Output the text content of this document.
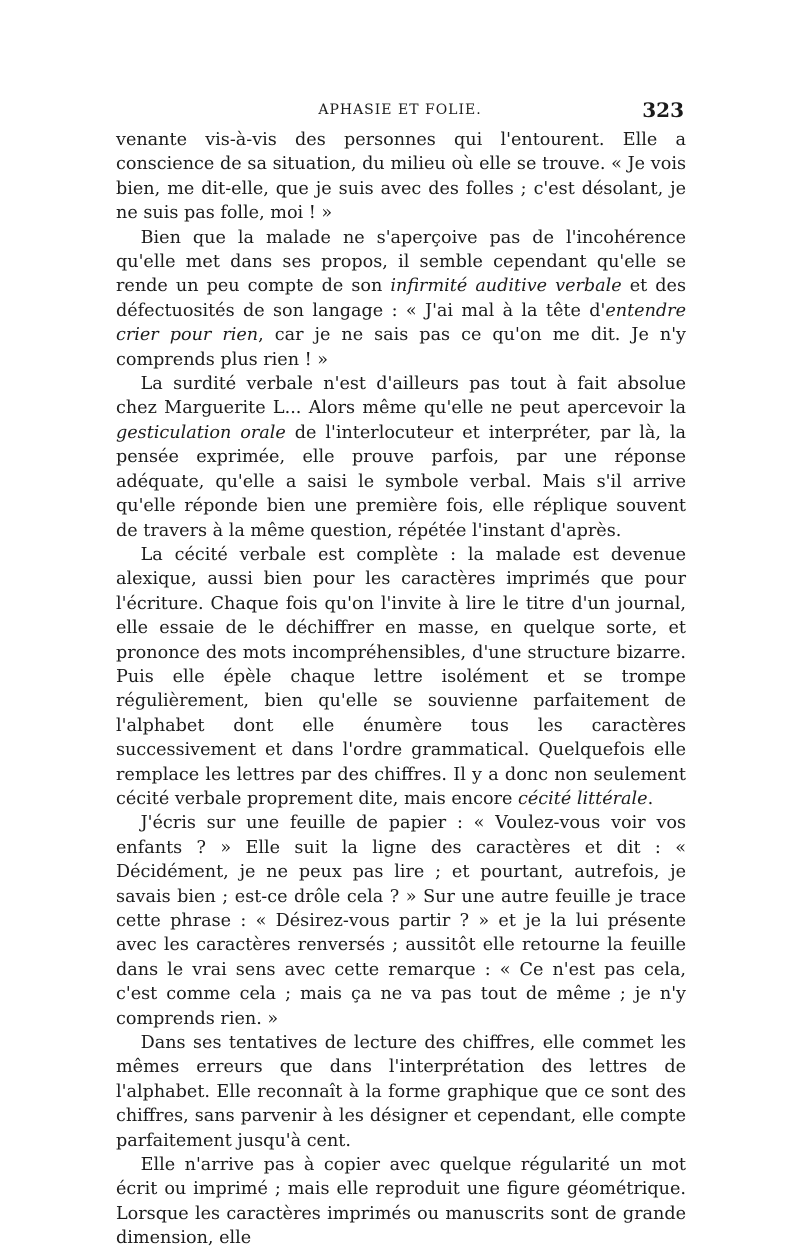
APHASIE ET FOLIE.	323

venante vis-à-vis des personnes qui l'entourent. Elle a conscience de sa situation, du milieu où elle se trouve. « Je vois bien, me dit-elle, que je suis avec des folles ; c'est désolant, je ne suis pas folle, moi ! »

Bien que la malade ne s'aperçoive pas de l'incohérence qu'elle met dans ses propos, il semble cependant qu'elle se rende un peu compte de son infirmité auditive verbale et des défectuosités de son langage : « J'ai mal à la tête d'entendre crier pour rien, car je ne sais pas ce qu'on me dit. Je n'y comprends plus rien ! »

La surdité verbale n'est d'ailleurs pas tout à fait absolue chez Marguerite L... Alors même qu'elle ne peut apercevoir la gesticulation orale de l'interlocuteur et interpréter, par là, la pensée exprimée, elle prouve parfois, par une réponse adéquate, qu'elle a saisi le symbole verbal. Mais s'il arrive qu'elle réponde bien une première fois, elle réplique souvent de travers à la même question, répétée l'instant d'après.

La cécité verbale est complète : la malade est devenue alexique, aussi bien pour les caractères imprimés que pour l'écriture. Chaque fois qu'on l'invite à lire le titre d'un journal, elle essaie de le déchiffrer en masse, en quelque sorte, et prononce des mots incompréhensibles, d'une structure bizarre. Puis elle épèle chaque lettre isolément et se trompe régulièrement, bien qu'elle se souvienne parfaitement de l'alphabet dont elle énumère tous les caractères successivement et dans l'ordre grammatical. Quelquefois elle remplace les lettres par des chiffres. Il y a donc non seulement cécité verbale proprement dite, mais encore cécité littérale.

J'écris sur une feuille de papier : « Voulez-vous voir vos enfants ? » Elle suit la ligne des caractères et dit : « Décidément, je ne peux pas lire ; et pourtant, autrefois, je savais bien ; est-ce drôle cela ? » Sur une autre feuille je trace cette phrase : « Désirez-vous partir ? » et je la lui présente avec les caractères renversés ; aussitôt elle retourne la feuille dans le vrai sens avec cette remarque : « Ce n'est pas cela, c'est comme cela ; mais ça ne va pas tout de même ; je n'y comprends rien. »

Dans ses tentatives de lecture des chiffres, elle commet les mêmes erreurs que dans l'interprétation des lettres de l'alphabet. Elle reconnaît à la forme graphique que ce sont des chiffres, sans parvenir à les désigner et cependant, elle compte parfaitement jusqu'à cent.

Elle n'arrive pas à copier avec quelque régularité un mot écrit ou imprimé ; mais elle reproduit une figure géométrique. Lorsque les caractères imprimés ou manuscrits sont de grande dimension, elle
